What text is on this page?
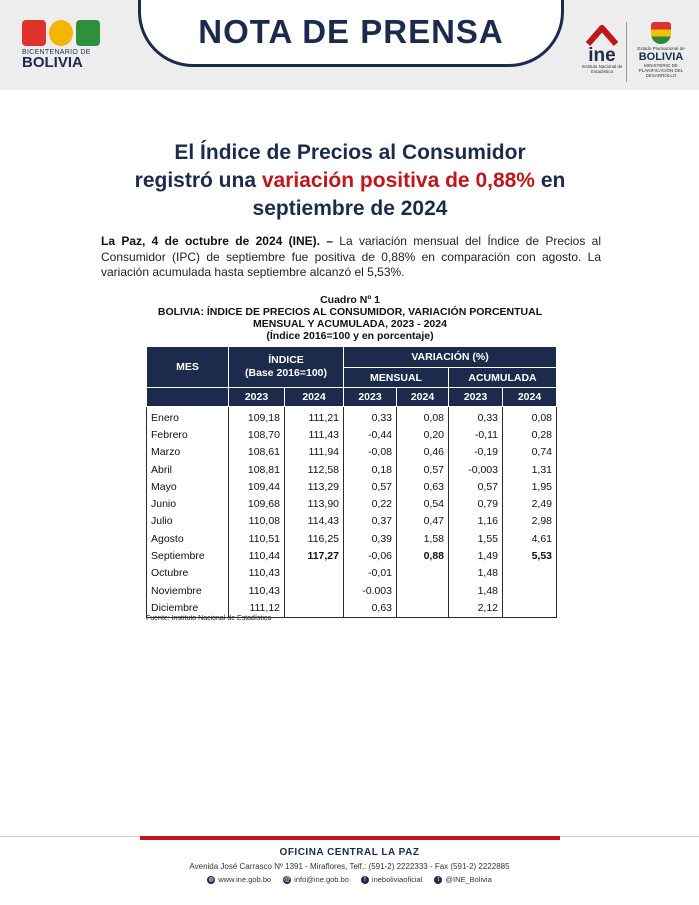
BICENTENARIO DE
BOLIVIA
NOTA DE PRENSA
ine
Instituto Nacional de Estadística
Estado Plurinacional de
BOLIVIA
MINISTERIO DE PLANIFICACIÓN DEL DESARROLLO
El Índice de Precios al Consumidor
registró una variación positiva de 0,88% en
septiembre de 2024
La Paz, 4 de octubre de 2024 (INE). – La variación mensual del Índice de Precios al Consumidor (IPC) de septiembre fue positiva de 0,88% en comparación con agosto. La variación acumulada hasta septiembre alcanzó el 5,53%.
Cuadro Nº 1
BOLIVIA: ÍNDICE DE PRECIOS AL CONSUMIDOR, VARIACIÓN PORCENTUAL
MENSUAL Y ACUMULADA, 2023 - 2024
(Índice 2016=100 y en porcentaje)
MES	ÍNDICE
(Base 2016=100)		VARIACIÓN (%)			
			MENSUAL		ACUMULADA	
	2023	2024	2023	2024	2023	2024
Enero	109,18	111,21	0,33	0,08	0,33	0,08
Febrero	108,70	111,43	-0,44	0,20	-0,11	0,28
Marzo	108,61	111,94	-0,08	0,46	-0,19	0,74
Abril	108,81	112,58	0,18	0,57	-0,003	1,31
Mayo	109,44	113,29	0,57	0,63	0,57	1,95
Junio	109,68	113,90	0,22	0,54	0,79	2,49
Julio	110,08	114,43	0,37	0,47	1,16	2,98
Agosto	110,51	116,25	0,39	1,58	1,55	4,61
Septiembre	110,44	117,27	-0,06	0,88	1,49	5,53
Octubre	110,43		-0,01		1,48	
Noviembre	110,43		-0.003		1,48	
Diciembre	111,12		0,63		2,12	
Fuente: Instituto Nacional de Estadística
OFICINA CENTRAL LA PAZ
Avenida José Carrasco Nº 1391 - Miraflores, Telf.: (591-2) 2222333 - Fax (591-2) 2222885
◍ www.ine.gob.bo @ info@ine.gob.bo	f ineboliviaoficial	t @INE_Bolivia
